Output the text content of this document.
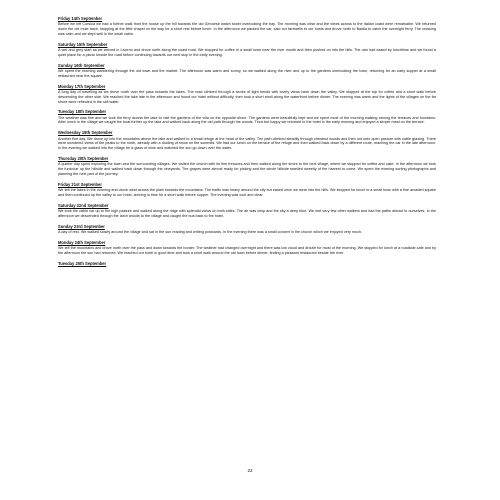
Friday 14th September
Before we left Corsica we had a further walk from the house up the hill towards the old Genoese watch tower overlooking the bay. The morning was clear and the views across to the Italian coast were remarkable. We returned down the old mule track, stopping at the little chapel on the way for a short rest before lunch. In the afternoon we packed the car, said our farewells to our hosts and drove north to Bastia to catch the overnight ferry. The crossing was calm and we slept well in the small cabin.
Saturday 15th September
A wet and grey start as we arrived in Livorno and drove north along the coast road. We stopped for coffee in a small town near the river mouth and then pushed on into the hills. The rain had eased by lunchtime and we found a quiet place for a picnic beside the road before continuing towards our next stop in the early evening.
Sunday 16th September
We spent the morning wandering through the old town and the market. The afternoon was warm and sunny, so we walked along the river and up to the gardens overlooking the town, returning for an early supper at a small restaurant near the square.
Monday 17th September
A long day of travelling as we drove north over the pass towards the lakes. The road climbed through a series of tight bends with lovely views back down the valley. We stopped at the top for coffee and a short walk before descending the other side. We reached the lake late in the afternoon and found our hotel without difficulty, then took a short stroll along the waterfront before dinner. The evening was warm and the lights of the villages on the far shore were reflected in the still water.
Tuesday 18th September
The weather was fine and we took the ferry across the lake to visit the gardens of the villa on the opposite shore. The gardens were beautifully kept and we spent most of the morning walking among the terraces and fountains. After lunch in the village we caught the boat further up the lake and walked back along the old path through the woods. Tired but happy we returned to the hotel in the early evening and enjoyed a simple meal on the terrace.
Wednesday 19th September
Another fine day. We drove up into the mountains above the lake and walked to a small refuge at the head of the valley. The path climbed steadily through chestnut woods and then out onto open pasture with cattle grazing. There were wonderful views of the peaks to the north, already with a dusting of snow on the summits. We had our lunch on the terrace of the refuge and then walked back down by a different route, reaching the car in the late afternoon. In the evening we walked into the village for a glass of wine and watched the sun go down over the water.
Thursday 20th September
A quieter day spent exploring the town and the surrounding villages. We visited the church with its fine frescoes and then walked along the shore to the next village, where we stopped for coffee and cake. In the afternoon we took the funicular up the hillside and walked back down through the vineyards. The grapes were almost ready for picking and the whole hillside smelled sweetly of the harvest to come. We spent the evening sorting photographs and planning the next part of the journey.
Friday 21st September
We left the lakes in the morning and drove west across the plain towards the mountains. The traffic was heavy around the city but eased once we were into the hills. We stopped for lunch in a small town with a fine arcaded square and then continued up the valley to our hotel, arriving in time for a short walk before supper. The evening was cool and clear.
Saturday 22nd September
We took the cable car up to the high pasture and walked along the ridge with splendid views on both sides. The air was crisp and the sky a deep blue. We met very few other walkers and had the paths almost to ourselves. In the afternoon we descended through the larch woods to the village and caught the bus back to the hotel.
Sunday 23rd September
A day of rest. We walked slowly around the village and sat in the sun reading and writing postcards. In the evening there was a small concert in the church which we enjoyed very much.
Monday 24th September
We left the mountains and drove north over the pass and down towards the border. The weather had changed overnight and there was low cloud and drizzle for most of the morning. We stopped for lunch at a roadside cafe and by the afternoon the sun had returned. We reached our hotel in good time and took a short walk around the old town before dinner, finding a pleasant restaurant beside the river.
Tuesday 25th September
22
